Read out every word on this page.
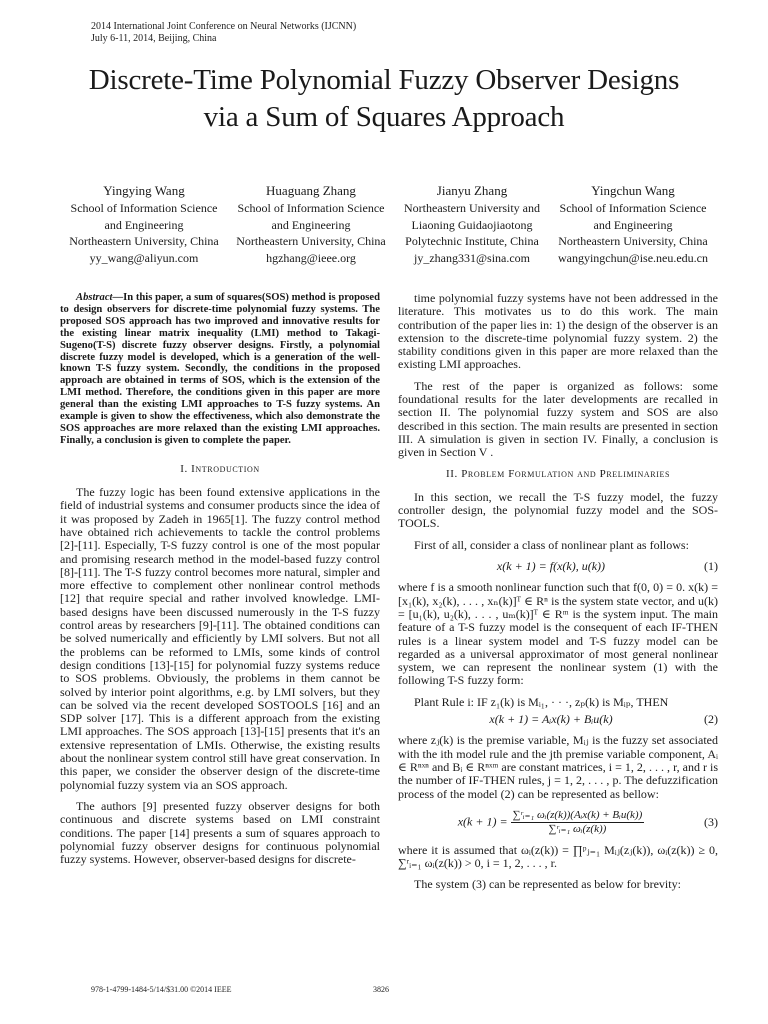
2014 International Joint Conference on Neural Networks (IJCNN)
July 6-11, 2014, Beijing, China
Discrete-Time Polynomial Fuzzy Observer Designs
via a Sum of Squares Approach
Yingying Wang
School of Information Science
and Engineering
Northeastern University, China
yy_wang@aliyun.com
Huaguang Zhang
School of Information Science
and Engineering
Northeastern University, China
hgzhang@ieee.org
Jianyu Zhang
Northeastern University and
Liaoning Guidaojiaotong
Polytechnic Institute, China
jy_zhang331@sina.com
Yingchun Wang
School of Information Science
and Engineering
Northeastern University, China
wangyingchun@ise.neu.edu.cn
Abstract—In this paper, a sum of squares(SOS) method is proposed to design observers for discrete-time polynomial fuzzy systems. The proposed SOS approach has two improved and innovative results for the existing linear matrix inequality (LMI) method to Takagi-Sugeno(T-S) discrete fuzzy observer designs. Firstly, a polynomial discrete fuzzy model is developed, which is a generation of the well-known T-S fuzzy system. Secondly, the conditions in the proposed approach are obtained in terms of SOS, which is the extension of the LMI method. Therefore, the conditions given in this paper are more general than the existing LMI approaches to T-S fuzzy systems. An example is given to show the effectiveness, which also demonstrate the SOS approaches are more relaxed than the existing LMI approaches. Finally, a conclusion is given to complete the paper.
I. Introduction

The fuzzy logic has been found extensive applications in the field of industrial systems and consumer products since the idea of it was proposed by Zadeh in 1965[1]. The fuzzy control method have obtained rich achievements to tackle the control problems [2]-[11]. Especially, T-S fuzzy control is one of the most popular and promising research method in the model-based fuzzy control [8]-[11]. The T-S fuzzy control becomes more natural, simpler and more effective to complement other nonlinear control methods [12] that require special and rather involved knowledge. LMI-based designs have been discussed numerously in the T-S fuzzy control areas by researchers [9]-[11]. The obtained conditions can be solved numerically and efficiently by LMI solvers. But not all the problems can be reformed to LMIs, some kinds of control design conditions [13]-[15] for polynomial fuzzy systems reduce to SOS problems. Obviously, the problems in them cannot be solved by interior point algorithms, e.g. by LMI solvers, but they can be solved via the recent developed SOSTOOLS [16] and an SDP solver [17]. This is a different approach from the existing LMI approaches. The SOS approach [13]-[15] presents that it's an extensive representation of LMIs. Otherwise, the existing results about the nonlinear system control still have great conservation. In this paper, we consider the observer design of the discrete-time polynomial fuzzy system via an SOS approach.

The authors [9] presented fuzzy observer designs for both continuous and discrete systems based on LMI constraint conditions. The paper [14] presents a sum of squares approach to polynomial fuzzy observer designs for continuous polynomial fuzzy systems. However, observer-based designs for discrete-

time polynomial fuzzy systems have not been addressed in the literature. This motivates us to do this work. The main contribution of the paper lies in: 1) the design of the observer is an extension to the discrete-time polynomial fuzzy system. 2) the stability conditions given in this paper are more relaxed than the existing LMI approaches.

The rest of the paper is organized as follows: some foundational results for the later developments are recalled in section II. The polynomial fuzzy system and SOS are also described in this section. The main results are presented in section III. A simulation is given in section IV. Finally, a conclusion is given in Section V .

II. Problem Formulation and Preliminaries

In this section, we recall the T-S fuzzy model, the fuzzy controller design, the polynomial fuzzy model and the SOS-TOOLS.

First of all, consider a class of nonlinear plant as follows:

x(k + 1) = f(x(k), u(k))	(1)

where f is a smooth nonlinear function such that f(0, 0) = 0. x(k) = [x₁(k), x₂(k), . . . , xₙ(k)]ᵀ ∈ Rⁿ is the system state vector, and u(k) = [u₁(k), u₂(k), . . . , uₘ(k)]ᵀ ∈ Rᵐ is the system input. The main feature of a T-S fuzzy model is the consequent of each IF-THEN rules is a linear system model and T-S fuzzy model can be regarded as a universal approximator of most general nonlinear system, we can represent the nonlinear system (1) with the following T-S fuzzy form:

Plant Rule i: IF z₁(k) is Mᵢ₁, · · ·, zₚ(k) is Mᵢₚ, THEN
x(k + 1) = Aᵢx(k) + Bᵢu(k)	(2)

where zⱼ(k) is the premise variable, Mᵢⱼ is the fuzzy set associated with the ith model rule and the jth premise variable component, Aᵢ ∈ Rⁿˣⁿ and Bᵢ ∈ Rⁿˣᵐ are constant matrices, i = 1, 2, . . . , r, and r is the number of IF-THEN rules, j = 1, 2, . . . , p. The defuzzification process of the model (2) can be represented as bellow:

$x(k + 1) = \frac{\text{∑ʳᵢ₌₁ ωᵢ(z(k))(Aᵢx(k) + Bᵢu(k))}}{\text{∑ʳᵢ₌₁ ωᵢ(z(k))}}$	(3)

where it is assumed that ωᵢ(z(k)) = ∏ᵖⱼ₌₁ Mᵢⱼ(zⱼ(k)), ωᵢ(z(k)) ≥ 0, ∑ʳᵢ₌₁ ωᵢ(z(k)) > 0, i = 1, 2, . . . , r.

The system (3) can be represented as below for brevity:

978-1-4799-1484-5/14/$31.00 ©2014 IEEE	3826
